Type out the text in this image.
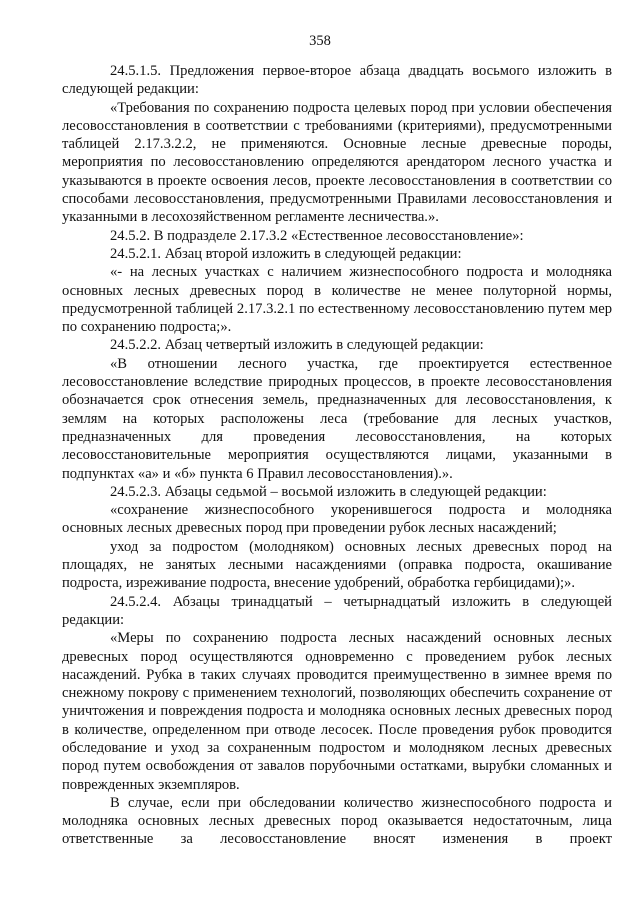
358

24.5.1.5. Предложения первое-второе абзаца двадцать восьмого изложить в следующей редакции:

«Требования по сохранению подроста целевых пород при условии обеспечения лесовосстановления в соответствии с требованиями (критериями), предусмотренными таблицей 2.17.3.2.2, не применяются. Основные лесные древесные породы, мероприятия по лесовосстановлению определяются арендатором лесного участка и указываются в проекте освоения лесов, проекте лесовосстановления в соответствии со способами лесовосстановления, предусмотренными Правилами лесовосстановления и указанными в лесохозяйственном регламенте лесничества.».

24.5.2. В подразделе 2.17.3.2 «Естественное лесовосстановление»:

24.5.2.1. Абзац второй изложить в следующей редакции:

«- на лесных участках с наличием жизнеспособного подроста и молодняка основных лесных древесных пород в количестве не менее полуторной нормы, предусмотренной таблицей 2.17.3.2.1 по естественному лесовосстановлению путем мер по сохранению подроста;».

24.5.2.2. Абзац четвертый изложить в следующей редакции:

«В отношении лесного участка, где проектируется естественное лесовосстановление вследствие природных процессов, в проекте лесовосстановления обозначается срок отнесения земель, предназначенных для лесовосстановления, к землям на которых расположены леса (требование для лесных участков, предназначенных для проведения лесовосстановления, на которых лесовосстановительные мероприятия осуществляются лицами, указанными в подпунктах «а» и «б» пункта 6 Правил лесовосстановления).».

24.5.2.3. Абзацы седьмой – восьмой изложить в следующей редакции:

«сохранение жизнеспособного укоренившегося подроста и молодняка основных лесных древесных пород при проведении рубок лесных насаждений;

уход за подростом (молодняком) основных лесных древесных пород на площадях, не занятых лесными насаждениями (оправка подроста, окашивание подроста, изреживание подроста, внесение удобрений, обработка гербицидами);».

24.5.2.4. Абзацы тринадцатый – четырнадцатый изложить в следующей редакции:

«Меры по сохранению подроста лесных насаждений основных лесных древесных пород осуществляются одновременно с проведением рубок лесных насаждений. Рубка в таких случаях проводится преимущественно в зимнее время по снежному покрову с применением технологий, позволяющих обеспечить сохранение от уничтожения и повреждения подроста и молодняка основных лесных древесных пород в количестве, определенном при отводе лесосек. После проведения рубок проводится обследование и уход за сохраненным подростом и молодняком лесных древесных пород путем освобождения от завалов порубочными остатками, вырубки сломанных и поврежденных экземпляров.

В случае, если при обследовании количество жизнеспособного подроста и молодняка основных лесных древесных пород оказывается недостаточным, лица ответственные за лесовосстановление вносят изменения в проект
